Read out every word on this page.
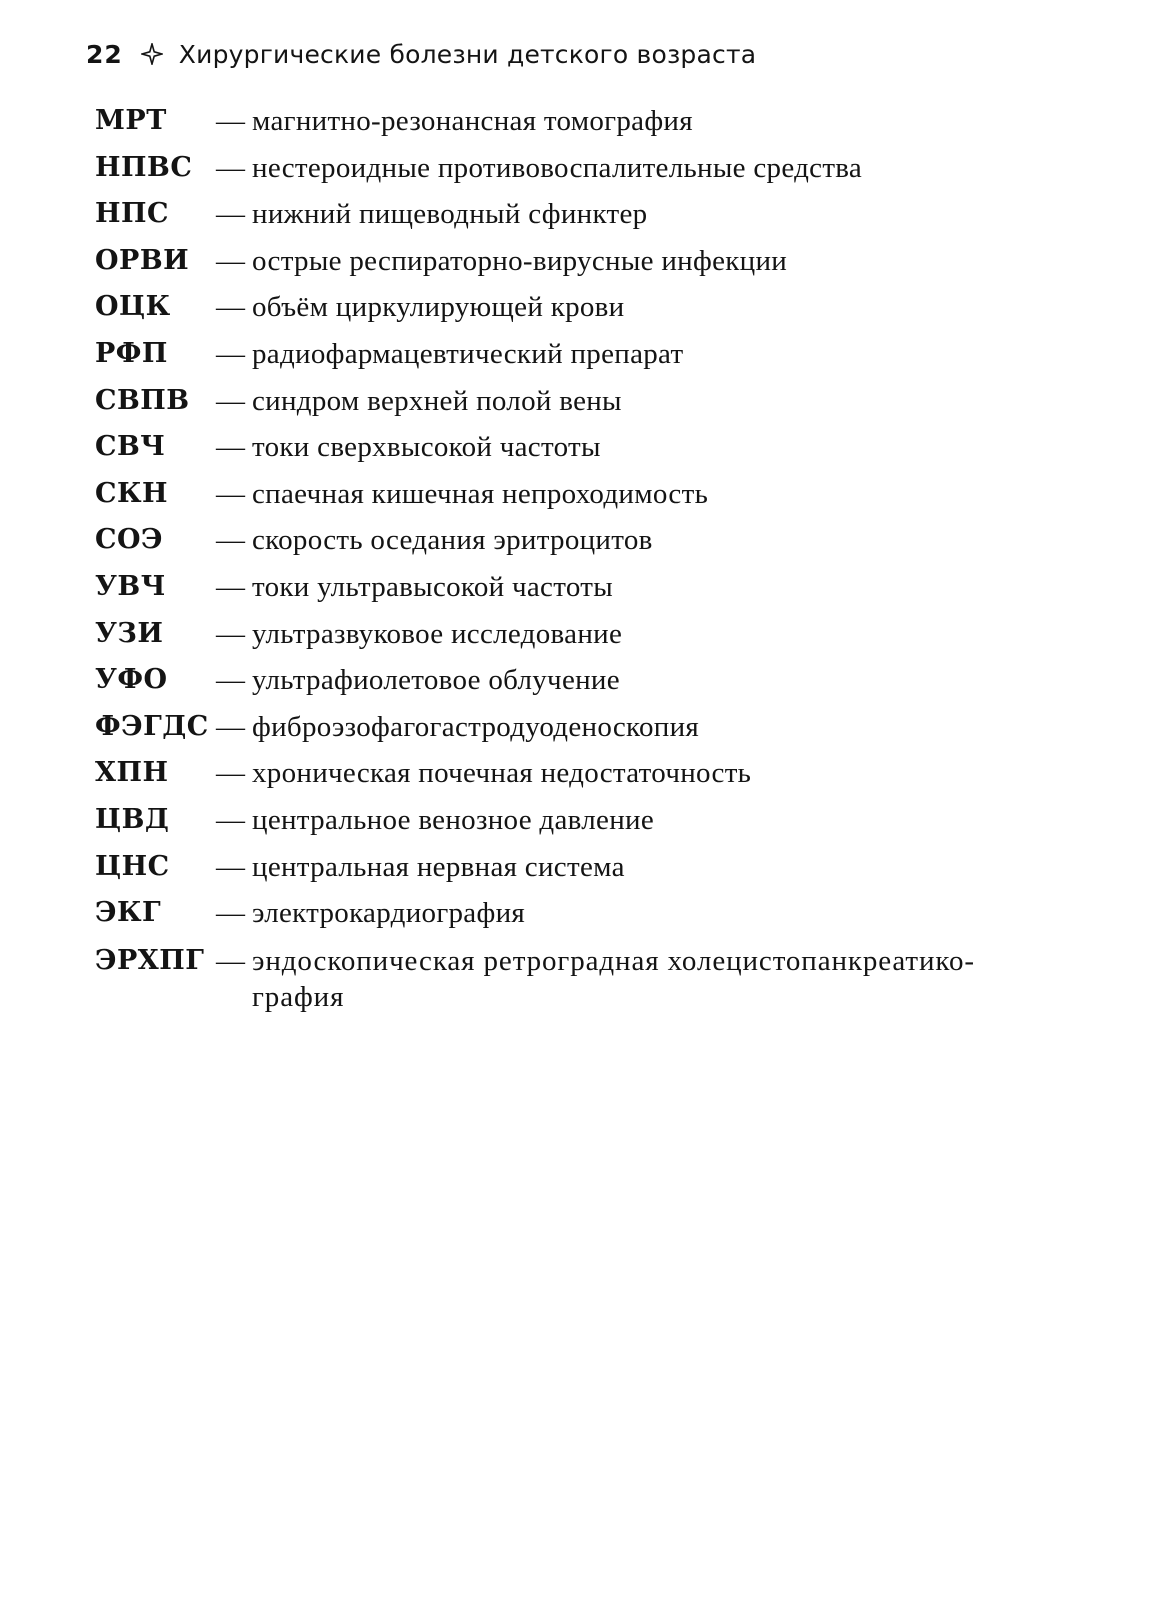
22 Хирургические болезни детского возраста
МРТ — магнитно-резонансная томография
НПВС — нестероидные противовоспалительные средства
НПС — нижний пищеводный сфинктер
ОРВИ — острые респираторно-вирусные инфекции
ОЦК — объём циркулирующей крови
РФП — радиофармацевтический препарат
СВПВ — синдром верхней полой вены
СВЧ — токи сверхвысокой частоты
СКН — спаечная кишечная непроходимость
СОЭ — скорость оседания эритроцитов
УВЧ — токи ультравысокой частоты
УЗИ — ультразвуковое исследование
УФО — ультрафиолетовое облучение
ФЭГДС — фиброэзофагогастродуоденоскопия
ХПН — хроническая почечная недостаточность
ЦВД — центральное венозное давление
ЦНС — центральная нервная система
ЭКГ — электрокардиография
ЭРХПГ — эндоскопическая ретроградная холецистопанкреатико-графия
